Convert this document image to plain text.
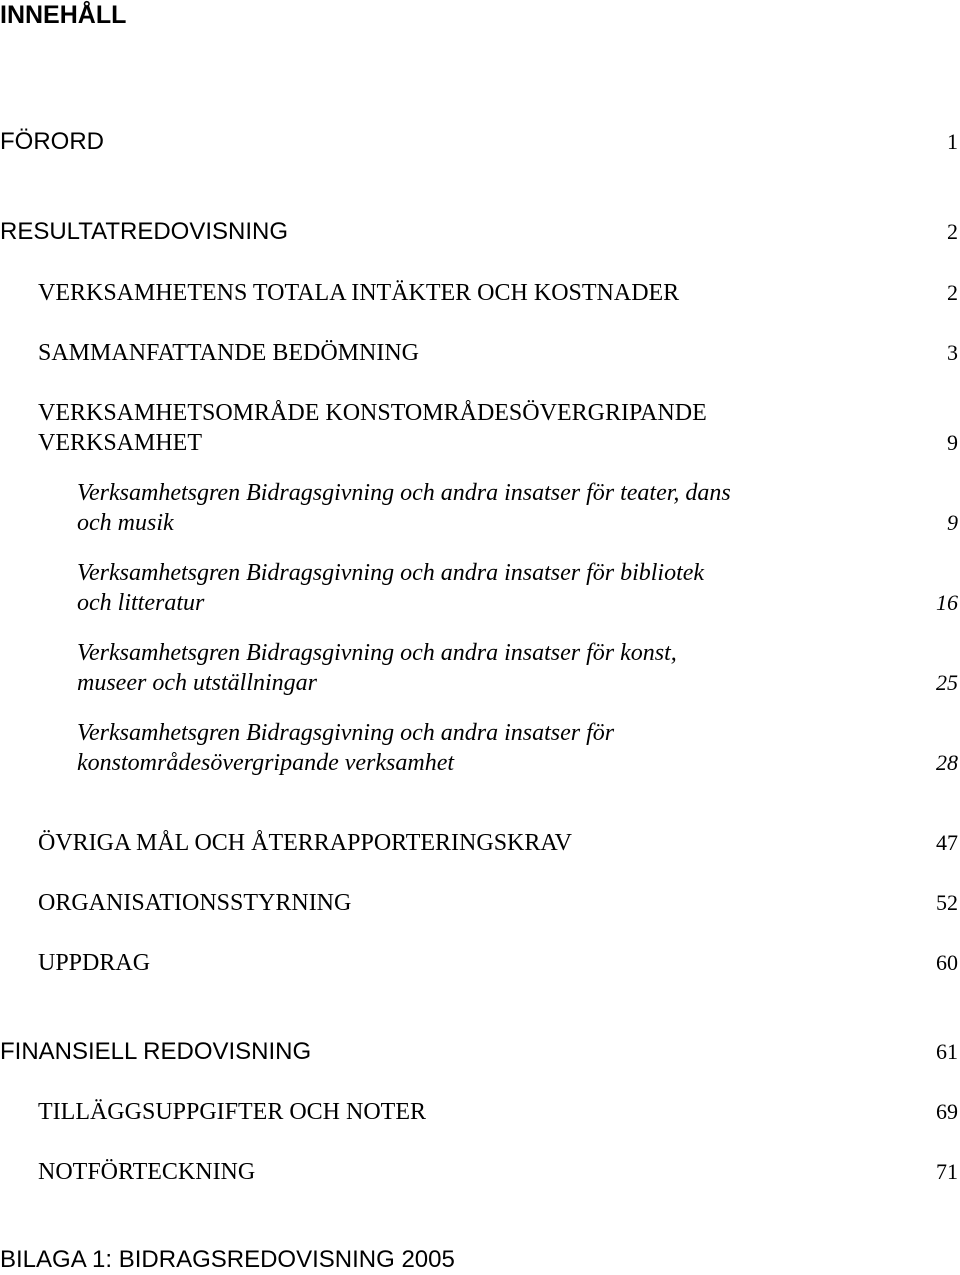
INNEHÅLL
FÖRORD	1
RESULTATREDOVISNING	2
VERKSAMHETENS TOTALA INTÄKTER OCH KOSTNADER	2
SAMMANFATTANDE BEDÖMNING	3
VERKSAMHETSOMRÅDE KONSTOMRÅDESÖVERGRIPANDE
VERKSAMHET	9
Verksamhetsgren Bidragsgivning och andra insatser för teater, dans
och musik	9
Verksamhetsgren Bidragsgivning och andra insatser för bibliotek
och litteratur	16
Verksamhetsgren Bidragsgivning och andra insatser för konst,
museer och utställningar	25
Verksamhetsgren Bidragsgivning och andra insatser för
konstområdesövergripande verksamhet	28
ÖVRIGA MÅL OCH ÅTERRAPPORTERINGSKRAV	47
ORGANISATIONSSTYRNING	52
UPPDRAG	60
FINANSIELL REDOVISNING	61
TILLÄGGSUPPGIFTER OCH NOTER	69
NOTFÖRTECKNING	71
BILAGA 1: BIDRAGSREDOVISNING 2005
